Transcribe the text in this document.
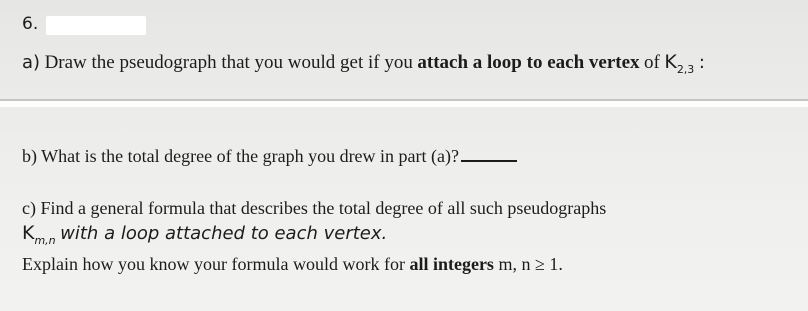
6.
a) Draw the pseudograph that you would get if you attach a loop to each vertex of $K_{2,3}$ :
b) What is the total degree of the graph you drew in part (a)?
c) Find a general formula that describes the total degree of all such pseudographs
$K_{m,n}$ with a loop attached to each vertex.
Explain how you know your formula would work for all integers m, n ≥ 1.
